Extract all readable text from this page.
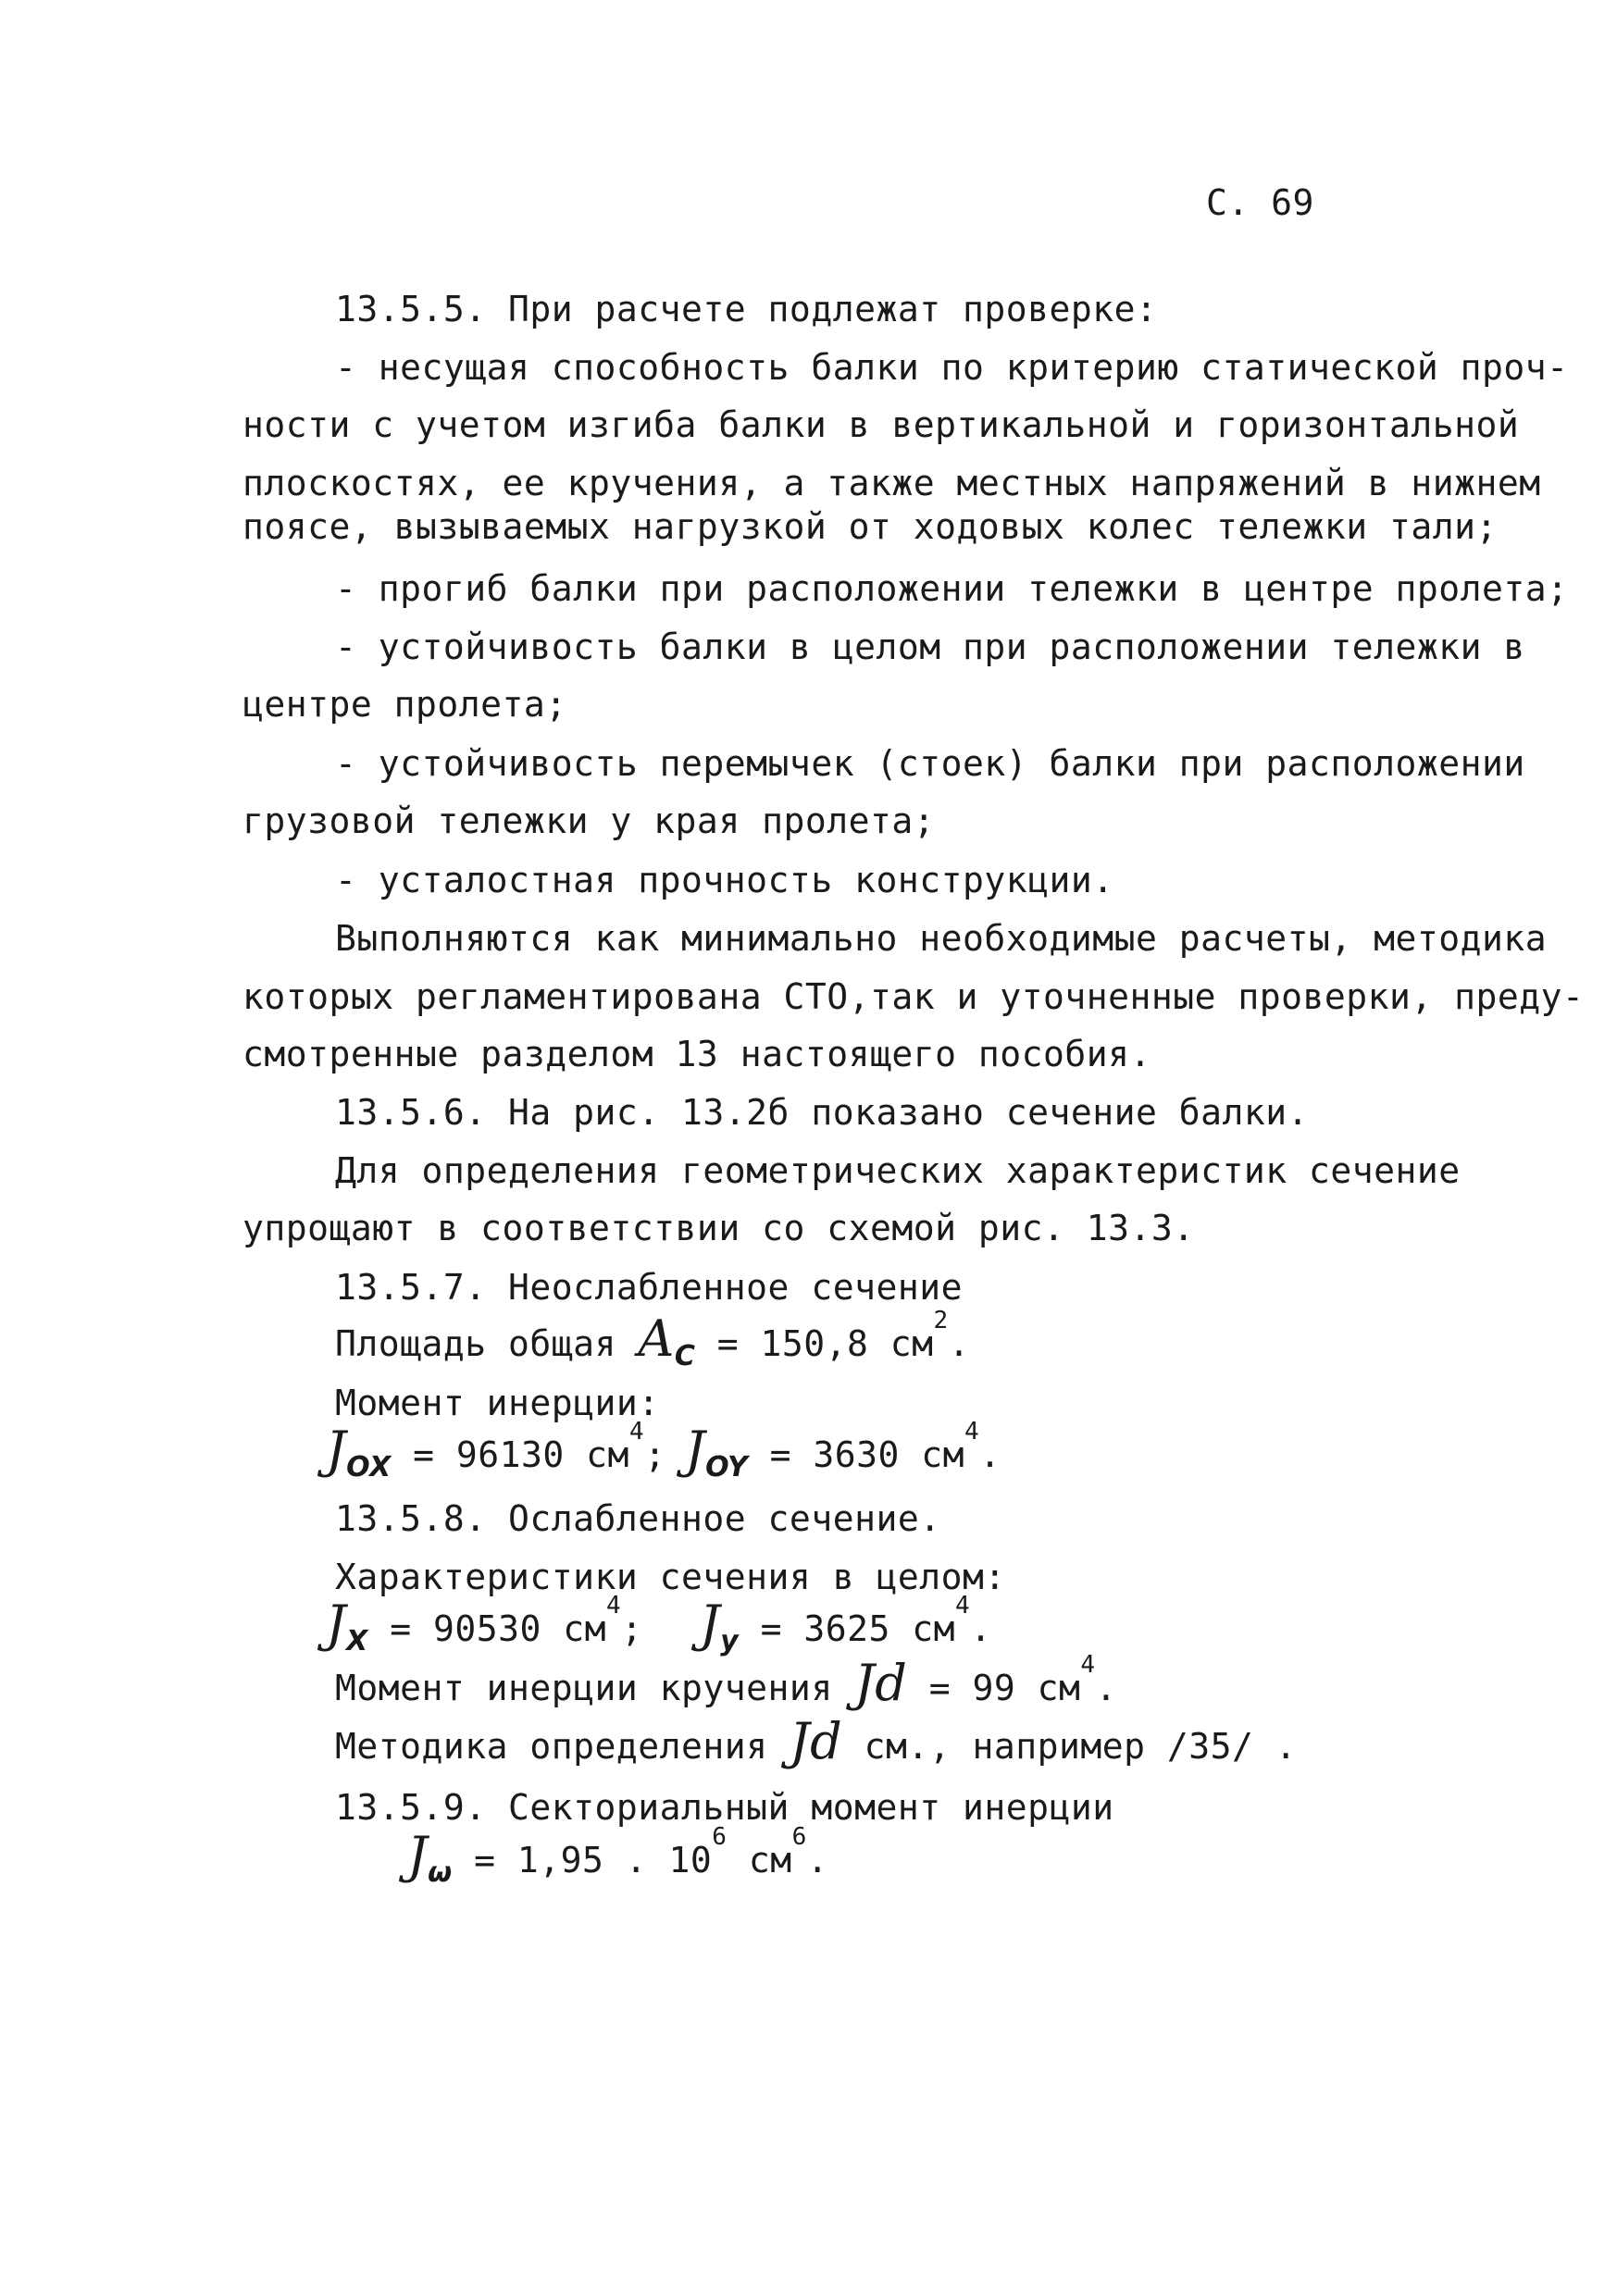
С. 69
13.5.5. При расчете подлежат проверке:
- несущая способность балки по критерию статической проч-
ности с учетом изгиба балки в вертикальной и горизонтальной
плоскостях, ее кручения, а также местных напряжений в нижнем
поясе, вызываемых нагрузкой от ходовых колес тележки тали;
- прогиб балки при расположении тележки в центре пролета;
- устойчивость балки в целом при расположении тележки в
центре пролета;
- устойчивость перемычек (стоек) балки при расположении
грузовой тележки у края пролета;
- усталостная прочность конструкции.
Выполняются как минимально необходимые расчеты, методика
которых регламентирована СТО,так и уточненные проверки, преду-
смотренные разделом 13 настоящего пособия.
13.5.6. На рис. 13.2б показано сечение балки.
Для определения геометрических характеристик сечение
упрощают в соответствии со схемой рис. 13.3.
13.5.7. Неослабленное сечение
Площадь общая $A_C = 150,8$ $см^2$.
Момент инерции:
$J_{OX} = 96130$ $см^4$; $J_{OY} = 3630$ $см^4$.
13.5.8. Ослабленное сечение.
Характеристики сечения в целом:
$J_X = 90530$ $см^4$; $J_y = 3625$ $см^4$.
Момент инерции кручения Jd = 99 $см^4$.
Методика определения Jd см., например /35/ .
13.5.9. Секториальный момент инерции
$J_\omega = 1,95$ . $10^6$ $см^6$.
